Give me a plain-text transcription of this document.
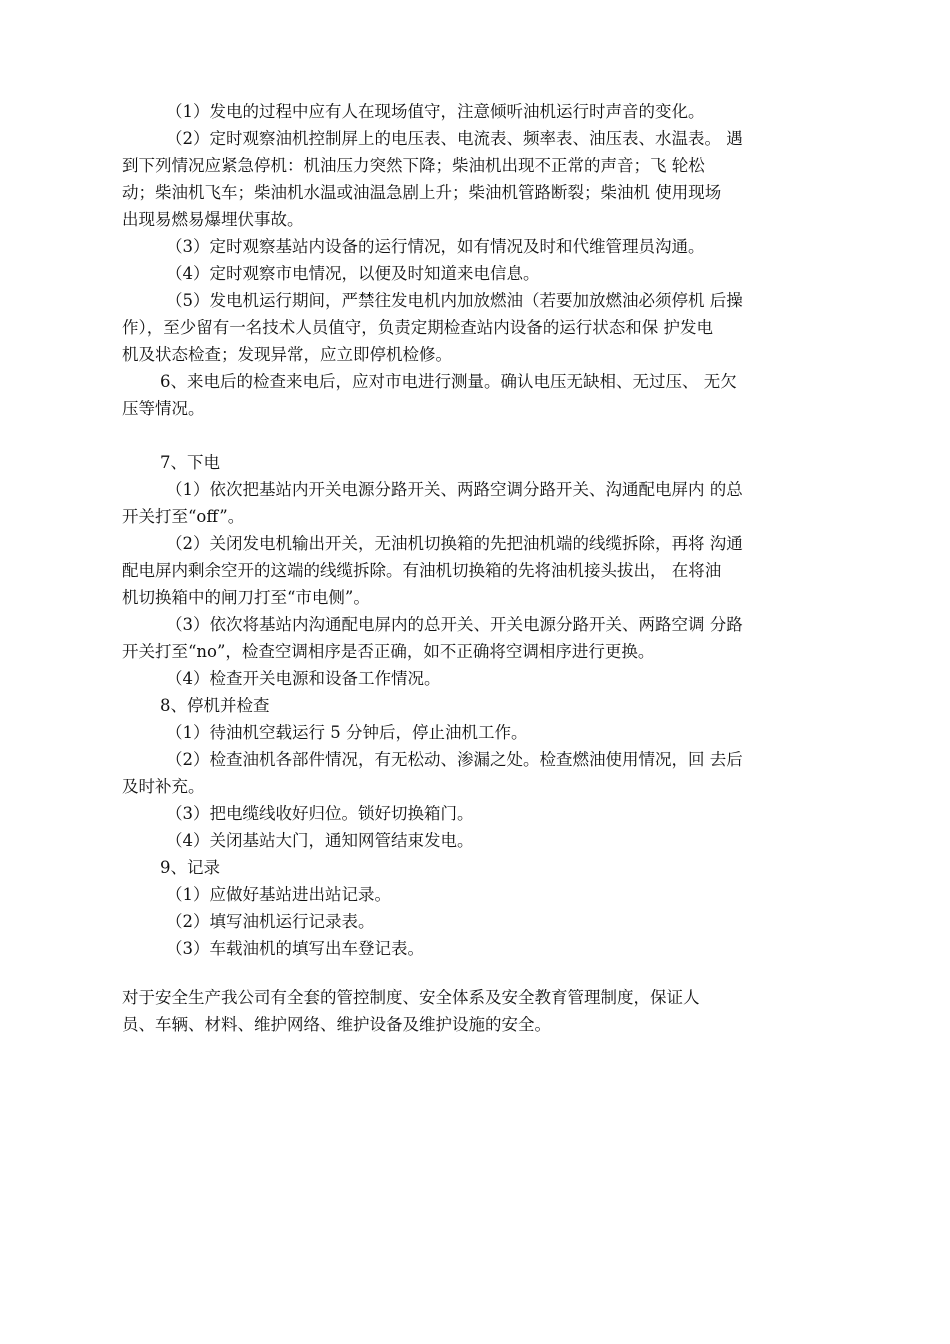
（1）发电的过程中应有人在现场值守，注意倾听油机运行时声音的变化。

（2）定时观察油机控制屏上的电压表、电流表、频率表、油压表、水温表。 遇

到下列情况应紧急停机：机油压力突然下降；柴油机出现不正常的声音；飞 轮松

动；柴油机飞车；柴油机水温或油温急剧上升；柴油机管路断裂；柴油机 使用现场

出现易燃易爆埋伏事故。

（3）定时观察基站内设备的运行情况，如有情况及时和代维管理员沟通。

（4）定时观察市电情况，以便及时知道来电信息。

（5）发电机运行期间，严禁往发电机内加放燃油（若要加放燃油必须停机 后操

作），至少留有一名技术人员值守，负责定期检查站内设备的运行状态和保 护发电

机及状态检查；发现异常，应立即停机检修。

6、来电后的检查来电后，应对市电进行测量。确认电压无缺相、无过压、 无欠

压等情况。

7、下电

（1）依次把基站内开关电源分路开关、两路空调分路开关、沟通配电屏内 的总

开关打至“off”。

（2）关闭发电机输出开关，无油机切换箱的先把油机端的线缆拆除，再将 沟通

配电屏内剩余空开的这端的线缆拆除。有油机切换箱的先将油机接头拔出， 在将油

机切换箱中的闸刀打至“市电侧”。

（3）依次将基站内沟通配电屏内的总开关、开关电源分路开关、两路空调 分路

开关打至“no”，检查空调相序是否正确，如不正确将空调相序进行更换。

（4）检查开关电源和设备工作情况。

8、停机并检查

（1）待油机空载运行 5 分钟后，停止油机工作。

（2）检查油机各部件情况，有无松动、渗漏之处。检查燃油使用情况，回 去后

及时补充。

（3）把电缆线收好归位。锁好切换箱门。

（4）关闭基站大门，通知网管结束发电。

9、记录

（1）应做好基站进出站记录。

（2）填写油机运行记录表。

（3）车载油机的填写出车登记表。

对于安全生产我公司有全套的管控制度、安全体系及安全教育管理制度，保证人

员、车辆、材料、维护网络、维护设备及维护设施的安全。
